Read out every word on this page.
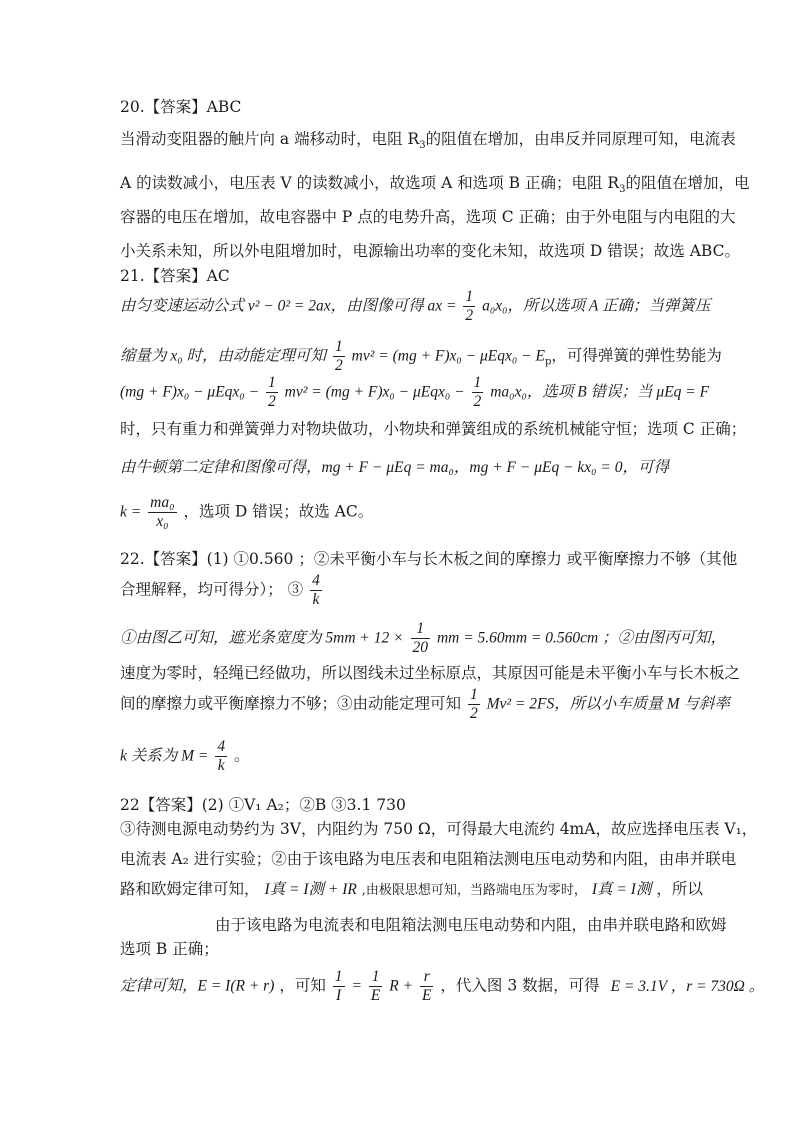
20.【答案】ABC
当滑动变阻器的触片向 a 端移动时，电阻 $R_3$的阻值在增加，由串反并同原理可知，电流表
A 的读数减小，电压表 V 的读数减小，故选项 A 和选项 B 正确；电阻 $R_3$的阻值在增加，电
容器的电压在增加，故电容器中 P 点的电势升高，选项 C 正确；由于外电阻与内电阻的大
小关系未知，所以外电阻增加时，电源输出功率的变化未知，故选项 D 错误；故选 ABC。
21.【答案】AC
由匀变速运动公式 v² − 0² = 2ax，由图像可得 ax = $\frac{1}{2} a_0x_0$，所以选项 A 正确；当弹簧压
缩量为 x₀ 时，由动能定理可知 $\frac{1}{2} mv^2 = (mg + F)x_0 - \mu Eqx_0 - E_p$，可得弹簧的弹性势能为
$(mg + F)x_0 - \mu Eqx_0 - \frac{1}{2} mv^2 = (mg + F)x_0 - \mu Eqx_0 - \frac{1}{2} ma_0x_0$，选项 B 错误；当 μEq = F
时，只有重力和弹簧弹力对物块做功，小物块和弹簧组成的系统机械能守恒；选项 C 正确；
由牛顿第二定律和图像可得，mg + F − μEq = ma₀，mg + F − μEq − kx₀ = 0，可得
$k = \frac{\text{ma₀}}{\text{x₀}}$ ，选项 D 错误；故选 AC。
22.【答案】(1) ①0.560 ；②未平衡小车与长木板之间的摩擦力 或平衡摩擦力不够（其他
合理解释，均可得分）； ③ $\frac{4}{k}$
①由图乙可知，遮光条宽度为 $5mm + 12 \times \frac{1}{20}$ mm = 5.60mm = 0.560cm ；②由图丙可知，
速度为零时，轻绳已经做功，所以图线未过坐标原点，其原因可能是未平衡小车与长木板之
间的摩擦力或平衡摩擦力不够；③由动能定理可知 $\frac{1}{2} Mv^2 = 2FS$，所以小车质量 M 与斜率
k 关系为 $M = \frac{4}{k}$ 。
22【答案】(2) ①V₁ A₂；②B ③3.1 730
③待测电源电动势约为 3V，内阻约为 750 Ω，可得最大电流约 4mA，故应选择电压表 V₁，
电流表 A₂ 进行实验；②由于该电路为电压表和电阻箱法测电压电动势和内阻，由串并联电
路和欧姆定律可知， I真 = I测 + IR ,由极限思想可知，当路端电压为零时， I真 = I测 ，所以
由于该电路为电流表和电阻箱法测电压电动势和内阻，由串并联电路和欧姆
选项 B 正确；
定律可知，E = I(R + r) ，可知 $\frac{1}{I} = \frac{1}{E}$ $R + \frac{r}{E}$ ，代入图 3 数据，可得 E = 3.1V ，r = 730Ω 。
